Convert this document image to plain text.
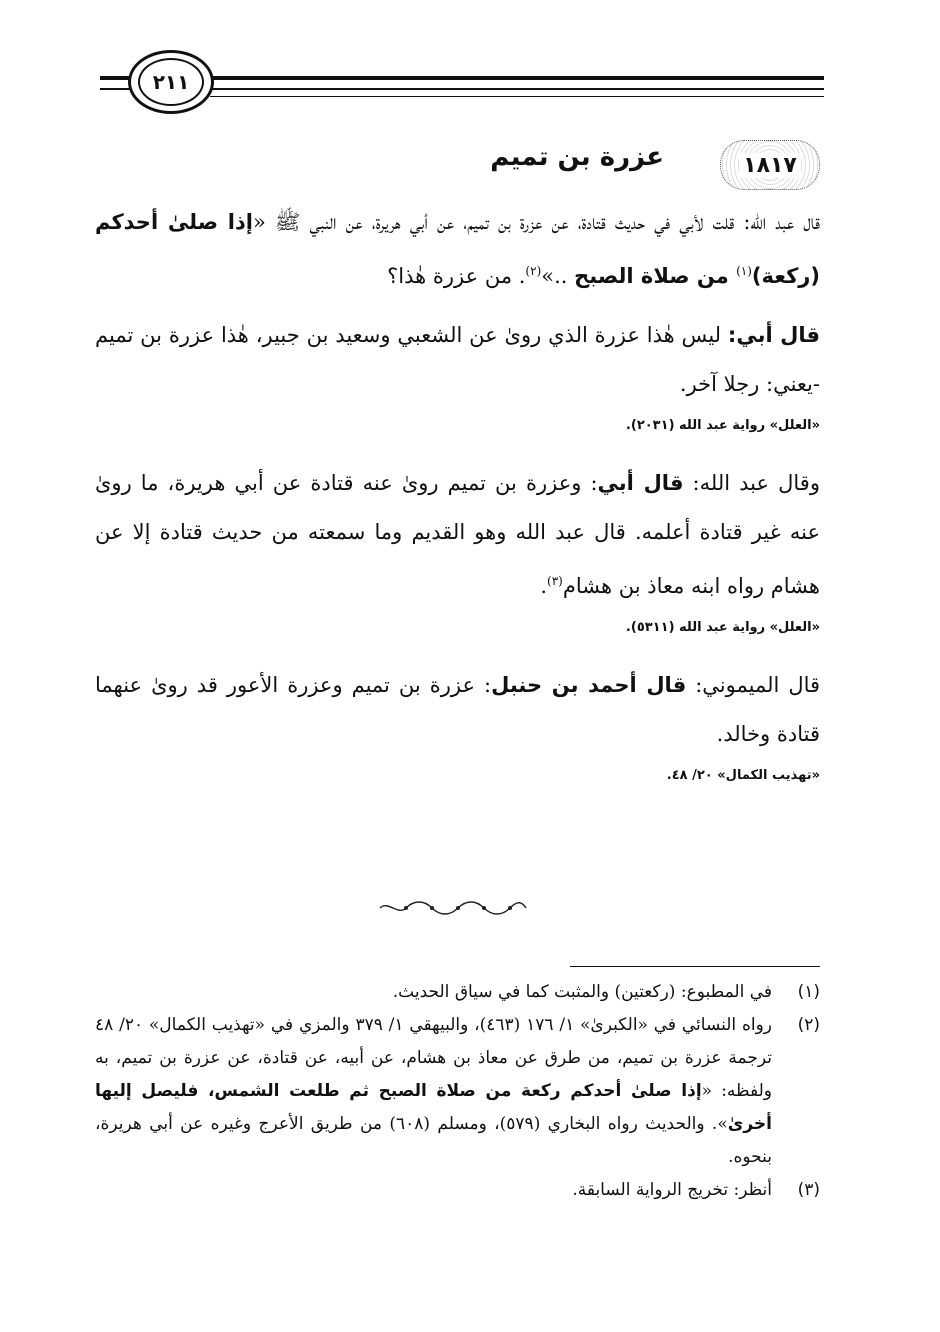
٢١١
١٨١٧
عزرة بن تميم

قال عبد الله: قلت لأبي في حديث قتادة، عن عزرة بن تميم، عن أبي هريرة، عن النبي ﷺ «إذا صلىٰ أحدكم (ركعة)$^{(١)}$ من صلاة الصبح ..»$^{(٢)}$. من عزرة هٰذا؟

قال أبي: ليس هٰذا عزرة الذي روىٰ عن الشعبي وسعيد بن جبير، هٰذا عزرة بن تميم -يعني: رجلا آخر.

«العلل» رواية عبد الله (٢٠٣١).

وقال عبد الله: قال أبي: وعزرة بن تميم روىٰ عنه قتادة عن أبي هريرة، ما روىٰ عنه غير قتادة أعلمه. قال عبد الله وهو القديم وما سمعته من حديث قتادة إلا عن هشام رواه ابنه معاذ بن هشام$^{(٣)}$.

«العلل» رواية عبد الله (٥٣١١).

قال الميموني: قال أحمد بن حنبل: عزرة بن تميم وعزرة الأعور قد روىٰ عنهما قتادة وخالد.

«تهذيب الكمال» ٢٠/ ٤٨.

(١)
في المطبوع: (ركعتين) والمثبت كما في سياق الحديث.

(٢)
رواه النسائي في «الكبرىٰ» ١/ ١٧٦ (٤٦٣)، والبيهقي ١/ ٣٧٩ والمزي في «تهذيب الكمال» ٢٠/ ٤٨ ترجمة عزرة بن تميم، من طرق عن معاذ بن هشام، عن أبيه، عن قتادة، عن عزرة بن تميم، به ولفظه: «إذا صلىٰ أحدكم ركعة من صلاة الصبح ثم طلعت الشمس، فليصل إليها أخرىٰ». والحديث رواه البخاري (٥٧٩)، ومسلم (٦٠٨) من طريق الأعرج وغيره عن أبي هريرة، بنحوه.

(٣)
أنظر: تخريج الرواية السابقة.
